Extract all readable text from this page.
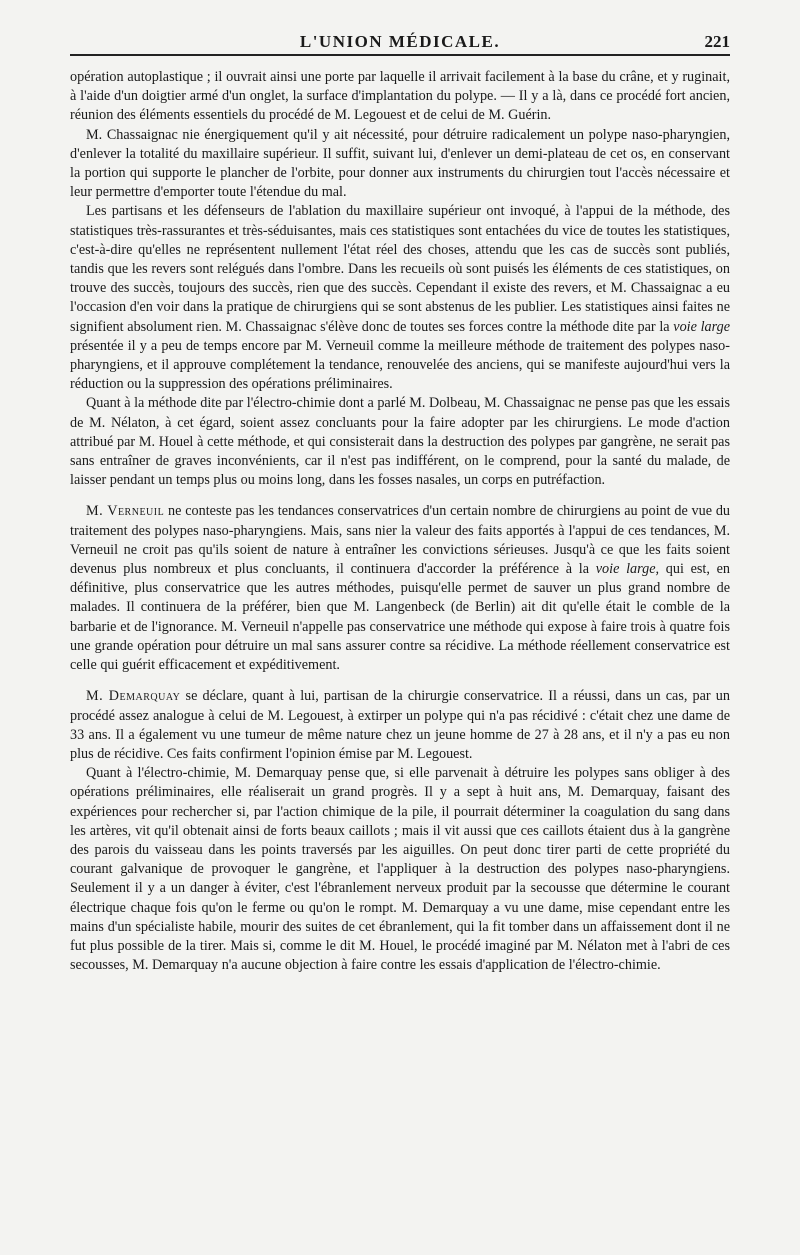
L'UNION MÉDICALE.	221

opération autoplastique ; il ouvrait ainsi une porte par laquelle il arrivait facilement à la base du crâne, et y ruginait, à l'aide d'un doigtier armé d'un onglet, la surface d'implantation du polype. — Il y a là, dans ce procédé fort ancien, réunion des éléments essentiels du procédé de M. Legouest et de celui de M. Guérin.

M. Chassaignac nie énergiquement qu'il y ait nécessité, pour détruire radicalement un polype naso-pharyngien, d'enlever la totalité du maxillaire supérieur. Il suffit, suivant lui, d'enlever un demi-plateau de cet os, en conservant la portion qui supporte le plancher de l'orbite, pour donner aux instruments du chirurgien tout l'accès nécessaire et leur permettre d'emporter toute l'étendue du mal.

Les partisans et les défenseurs de l'ablation du maxillaire supérieur ont invoqué, à l'appui de la méthode, des statistiques très-rassurantes et très-séduisantes, mais ces statistiques sont entachées du vice de toutes les statistiques, c'est-à-dire qu'elles ne représentent nullement l'état réel des choses, attendu que les cas de succès sont publiés, tandis que les revers sont relégués dans l'ombre. Dans les recueils où sont puisés les éléments de ces statistiques, on trouve des succès, toujours des succès, rien que des succès. Cependant il existe des revers, et M. Chassaignac a eu l'occasion d'en voir dans la pratique de chirurgiens qui se sont abstenus de les publier. Les statistiques ainsi faites ne signifient absolument rien. M. Chassaignac s'élève donc de toutes ses forces contre la méthode dite par la voie large présentée il y a peu de temps encore par M. Verneuil comme la meilleure méthode de traitement des polypes naso-pharyngiens, et il approuve complétement la tendance, renouvelée des anciens, qui se manifeste aujourd'hui vers la réduction ou la suppression des opérations préliminaires.

Quant à la méthode dite par l'électro-chimie dont a parlé M. Dolbeau, M. Chassaignac ne pense pas que les essais de M. Nélaton, à cet égard, soient assez concluants pour la faire adopter par les chirurgiens. Le mode d'action attribué par M. Houel à cette méthode, et qui consisterait dans la destruction des polypes par gangrène, ne serait pas sans entraîner de graves inconvénients, car il n'est pas indifférent, on le comprend, pour la santé du malade, de laisser pendant un temps plus ou moins long, dans les fosses nasales, un corps en putréfaction.

M. Verneuil ne conteste pas les tendances conservatrices d'un certain nombre de chirurgiens au point de vue du traitement des polypes naso-pharyngiens. Mais, sans nier la valeur des faits apportés à l'appui de ces tendances, M. Verneuil ne croit pas qu'ils soient de nature à entraîner les convictions sérieuses. Jusqu'à ce que les faits soient devenus plus nombreux et plus concluants, il continuera d'accorder la préférence à la voie large, qui est, en définitive, plus conservatrice que les autres méthodes, puisqu'elle permet de sauver un plus grand nombre de malades. Il continuera de la préférer, bien que M. Langenbeck (de Berlin) ait dit qu'elle était le comble de la barbarie et de l'ignorance. M. Verneuil n'appelle pas conservatrice une méthode qui expose à faire trois à quatre fois une grande opération pour détruire un mal sans assurer contre sa récidive. La méthode réellement conservatrice est celle qui guérit efficacement et expéditivement.

M. Demarquay se déclare, quant à lui, partisan de la chirurgie conservatrice. Il a réussi, dans un cas, par un procédé assez analogue à celui de M. Legouest, à extirper un polype qui n'a pas récidivé : c'était chez une dame de 33 ans. Il a également vu une tumeur de même nature chez un jeune homme de 27 à 28 ans, et il n'y a pas eu non plus de récidive. Ces faits confirment l'opinion émise par M. Legouest.

Quant à l'électro-chimie, M. Demarquay pense que, si elle parvenait à détruire les polypes sans obliger à des opérations préliminaires, elle réaliserait un grand progrès. Il y a sept à huit ans, M. Demarquay, faisant des expériences pour rechercher si, par l'action chimique de la pile, il pourrait déterminer la coagulation du sang dans les artères, vit qu'il obtenait ainsi de forts beaux caillots ; mais il vit aussi que ces caillots étaient dus à la gangrène des parois du vaisseau dans les points traversés par les aiguilles. On peut donc tirer parti de cette propriété du courant galvanique de provoquer le gangrène, et l'appliquer à la destruction des polypes naso-pharyngiens. Seulement il y a un danger à éviter, c'est l'ébranlement nerveux produit par la secousse que détermine le courant électrique chaque fois qu'on le ferme ou qu'on le rompt. M. Demarquay a vu une dame, mise cependant entre les mains d'un spécialiste habile, mourir des suites de cet ébranlement, qui la fit tomber dans un affaissement dont il ne fut plus possible de la tirer. Mais si, comme le dit M. Houel, le procédé imaginé par M. Nélaton met à l'abri de ces secousses, M. Demarquay n'a aucune objection à faire contre les essais d'application de l'électro-chimie.
